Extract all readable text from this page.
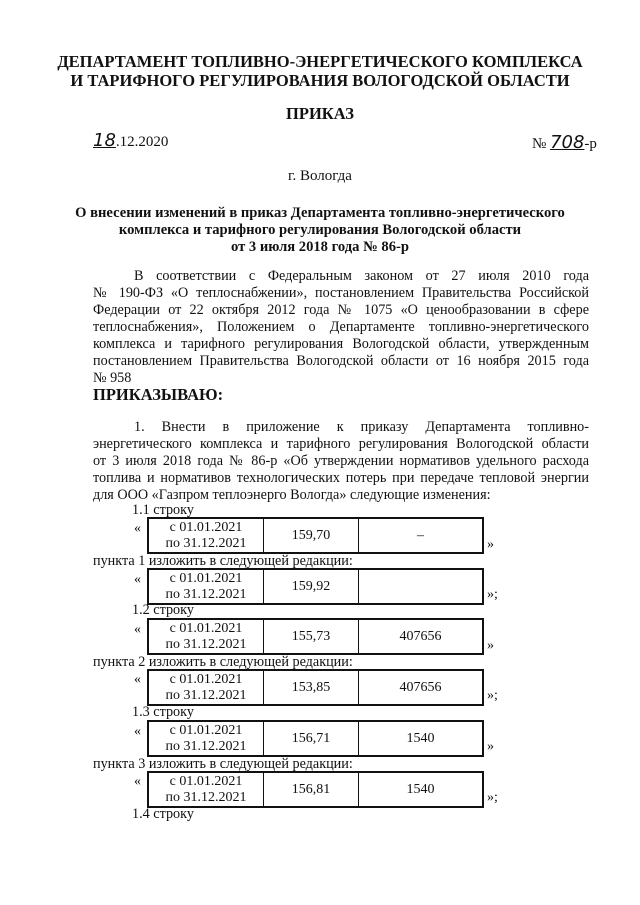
ДЕПАРТАМЕНТ ТОПЛИВНО-ЭНЕРГЕТИЧЕСКОГО КОМПЛЕКСА
И ТАРИФНОГО РЕГУЛИРОВАНИЯ ВОЛОГОДСКОЙ ОБЛАСТИ
ПРИКАЗ
18.12.2020	№ 708-р
г. Вологда
О внесении изменений в приказ Департамента топливно-энергетического
комплекса и тарифного регулирования Вологодской области
от 3 июля 2018 года № 86-р
В соответствии с Федеральным законом от 27 июля 2010 года
№ 190-ФЗ «О теплоснабжении», постановлением Правительства Российской
Федерации от 22 октября 2012 года № 1075 «О ценообразовании в сфере
теплоснабжения», Положением о Департаменте топливно-энергетического
комплекса и тарифного регулирования Вологодской области, утвержденным
постановлением Правительства Вологодской области от 16 ноября 2015 года
№ 958
ПРИКАЗЫВАЮ:
1. Внести в приложение к приказу Департамента топливно-
энергетического комплекса и тарифного регулирования Вологодской области
от 3 июля 2018 года № 86-р «Об утверждении нормативов удельного расхода
топлива и нормативов технологических потерь при передаче тепловой энергии
для ООО «Газпром теплоэнерго Вологда» следующие изменения:
1.1 строку
« с 01.01.2021
по 31.12.2021
159,70	–
»
пункта 1 изложить в следующей редакции:
« с 01.01.2021
по 31.12.2021
159,92
»;
1.2 строку
« с 01.01.2021
по 31.12.2021
155,73	407656
»
пункта 2 изложить в следующей редакции:
« с 01.01.2021
по 31.12.2021
153,85	407656
»;
1.3 строку
« с 01.01.2021
по 31.12.2021
156,71	1540
»
пункта 3 изложить в следующей редакции:
« с 01.01.2021
по 31.12.2021
156,81	1540
»;
1.4 строку
